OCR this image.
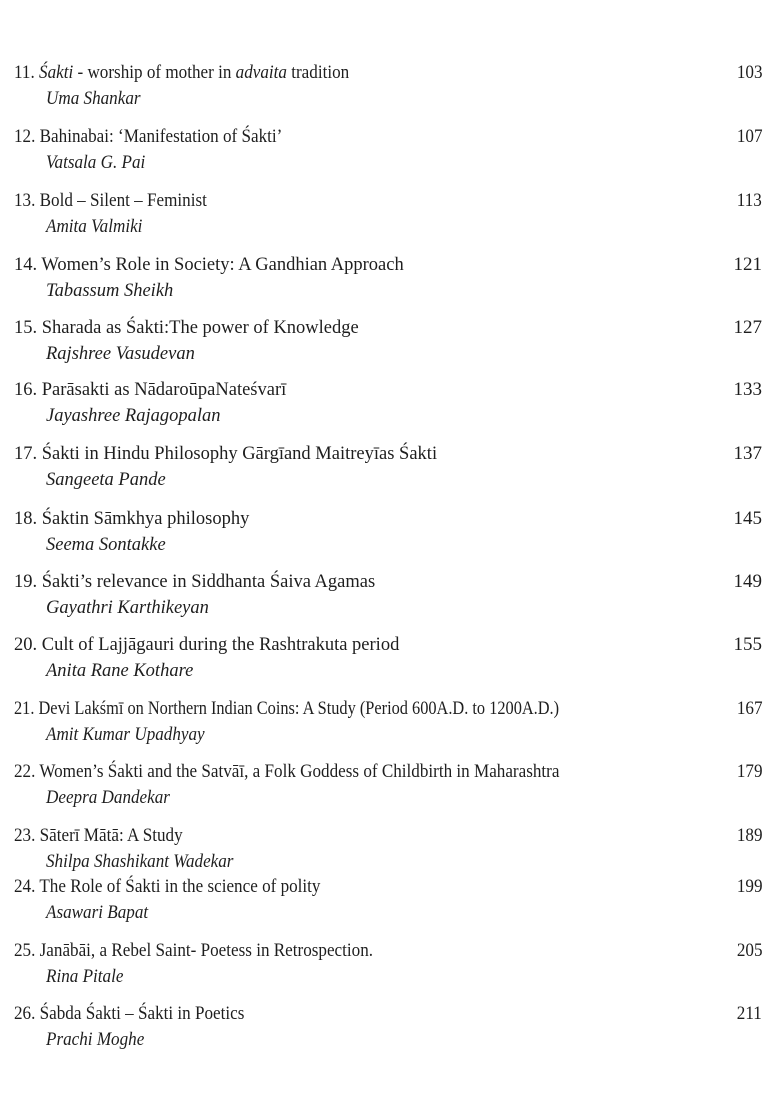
11. Śakti - worship of mother in advaita tradition
Uma Shankar
103
12. Bahinabai: ‘Manifestation of Śakti’
Vatsala G. Pai
107
13. Bold – Silent – Feminist
Amita Valmiki
113
14. Women’s Role in Society: A Gandhian Approach
Tabassum Sheikh
121
15. Sharada as Śakti:The power of Knowledge
Rajshree Vasudevan
127
16. Parāsakti as NādaroūpaNateśvarī
Jayashree Rajagopalan
133
17. Śakti in Hindu Philosophy Gārgīand Maitreyīas Śakti
Sangeeta Pande
137
18. Śaktin Sāmkhya philosophy
Seema Sontakke
145
19. Śakti’s relevance in Siddhanta Śaiva Agamas
Gayathri Karthikeyan
149
20. Cult of Lajjāgauri during the Rashtrakuta period
Anita Rane Kothare
155
21. Devi Lakśmī on Northern Indian Coins: A Study (Period 600A.D. to 1200A.D.)
Amit Kumar Upadhyay
167
22. Women’s Śakti and the Satvāī, a Folk Goddess of Childbirth in Maharashtra
Deepra Dandekar
179
23. Sāterī Mātā: A Study
Shilpa Shashikant Wadekar
189
24. The Role of Śakti in the science of polity
Asawari Bapat
199
25. Janābāi, a Rebel Saint- Poetess in Retrospection.
Rina Pitale
205
26. Śabda Śakti – Śakti in Poetics
Prachi Moghe
211
